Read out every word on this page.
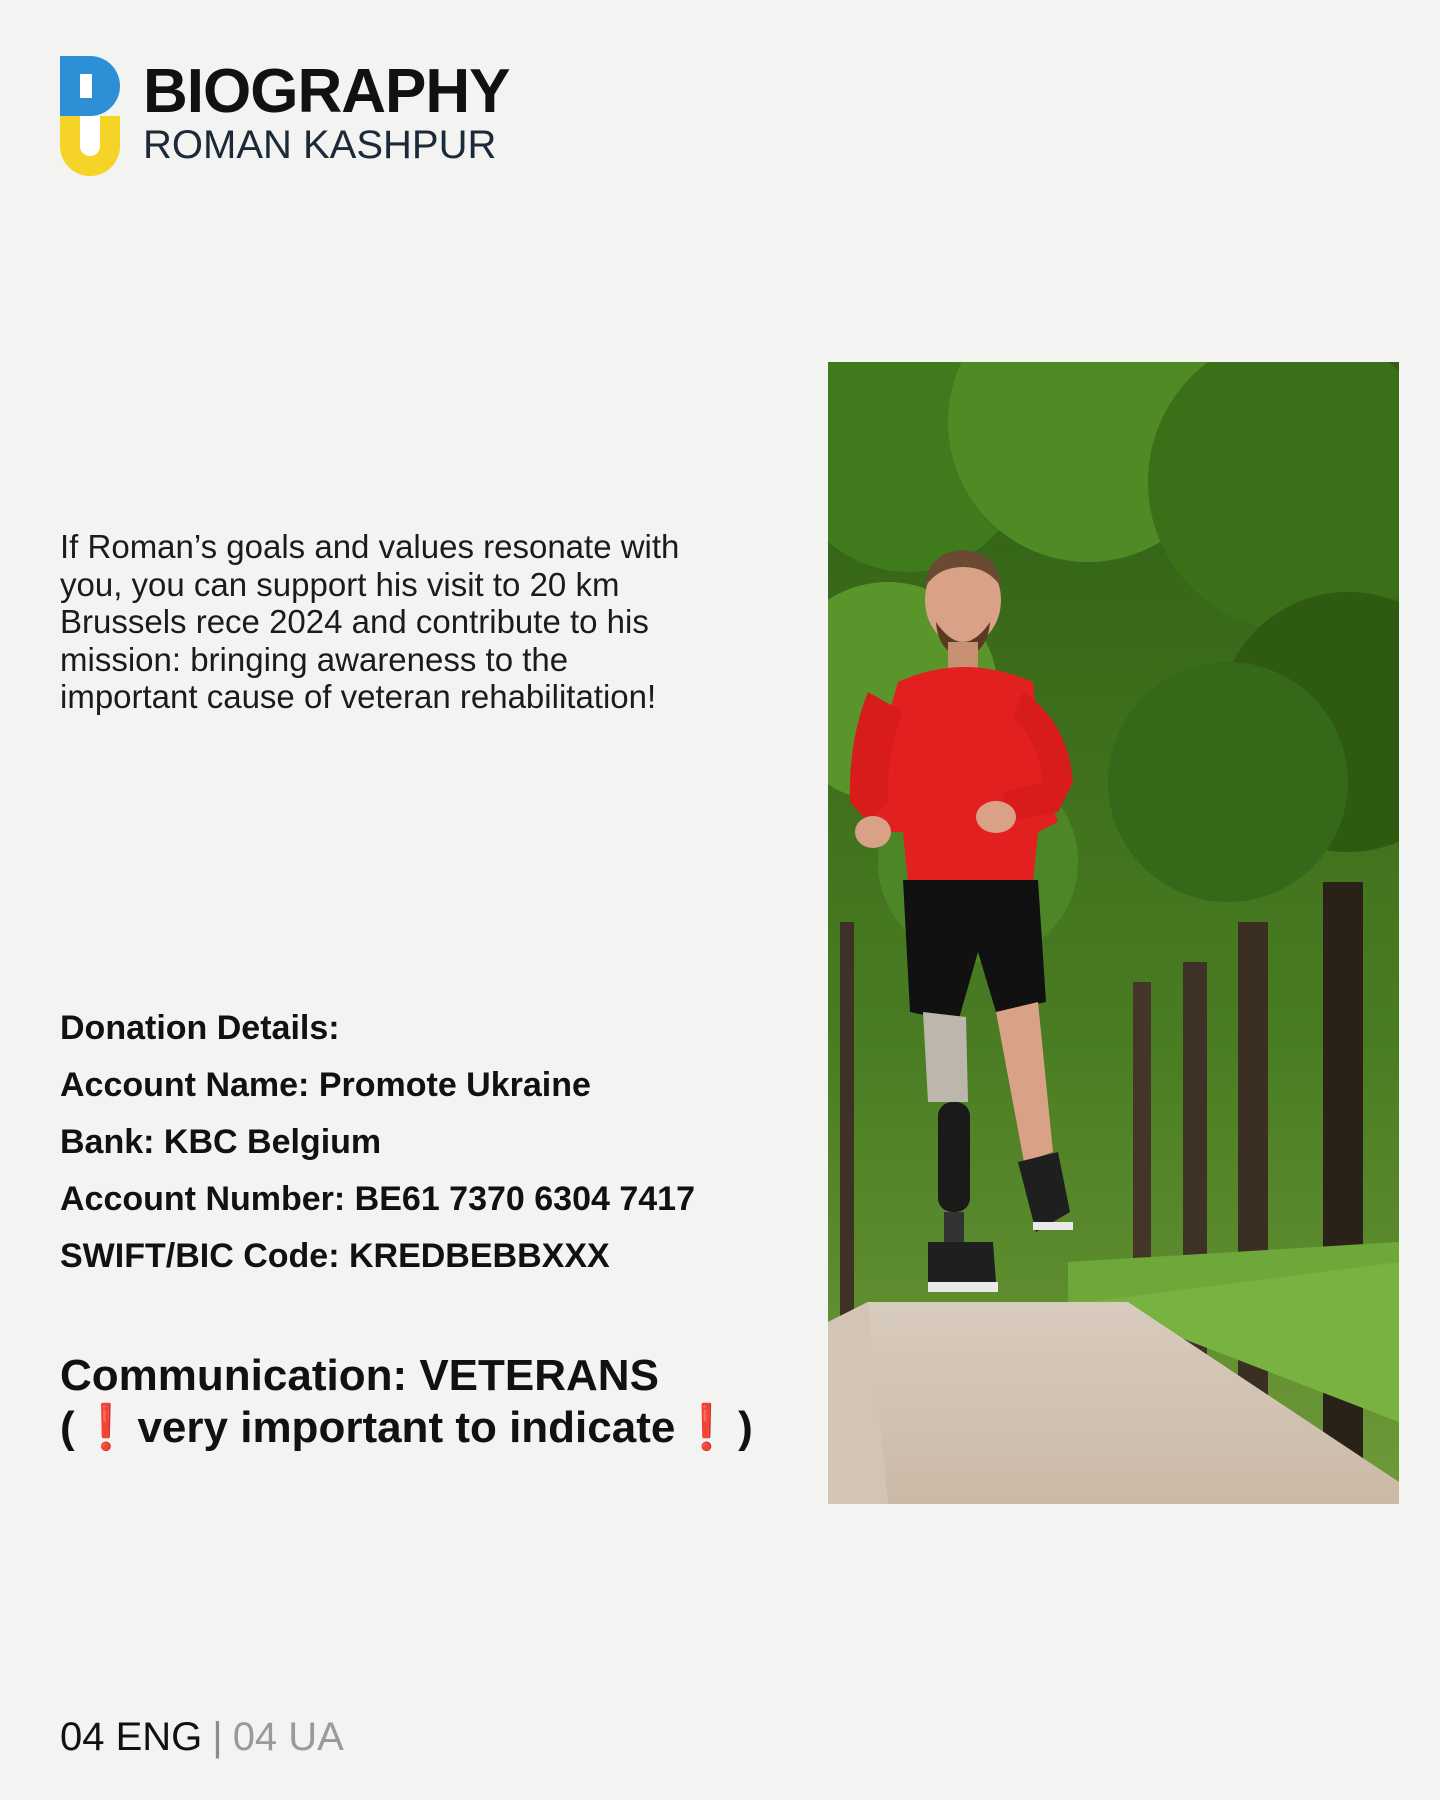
BIOGRAPHY
ROMAN KASHPUR
If Roman’s goals and values resonate with
you, you can support his visit to 20 km
Brussels rece 2024 and contribute to his
mission: bringing awareness to the
important cause of veteran rehabilitation!
Donation Details:
Account Name: Promote Ukraine
Bank: KBC Belgium
Account Number: BE61 7370 6304 7417
SWIFT/BIC Code: KREDBEBBXXX
Communication: VETERANS
(❗very important to indicate❗)
04 ENG | 04 UA
